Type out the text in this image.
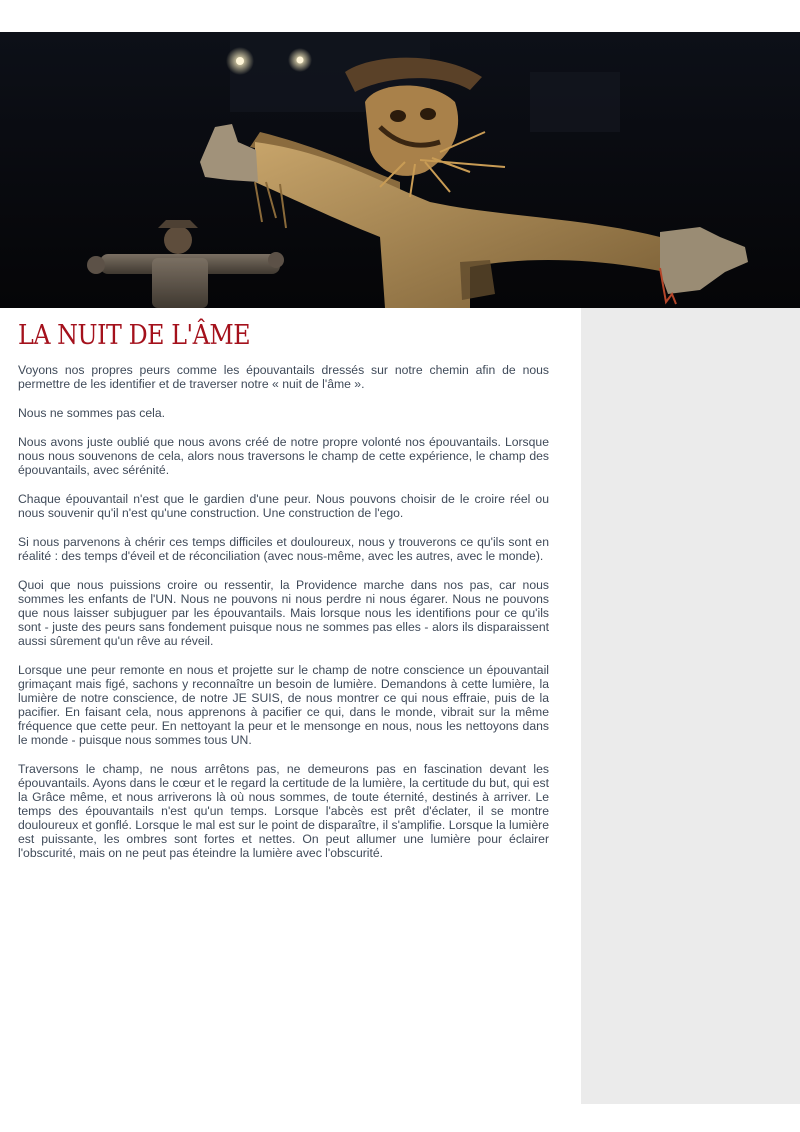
LA NUIT DE L'ÂME

Voyons nos propres peurs comme les épouvantails dressés sur notre chemin afin de nous permettre de les identifier et de traverser notre « nuit de l'âme ».

Nous ne sommes pas cela.

Nous avons juste oublié que nous avons créé de notre propre volonté nos épouvantails. Lorsque nous nous souvenons de cela, alors nous traversons le champ de cette expérience, le champ des épouvantails, avec sérénité.

Chaque épouvantail n'est que le gardien d'une peur. Nous pouvons choisir de le croire réel ou nous souvenir qu'il n'est qu'une construction. Une construction de l'ego.

Si nous parvenons à chérir ces temps difficiles et douloureux, nous y trouverons ce qu'ils sont en réalité : des temps d'éveil et de réconciliation (avec nous-même, avec les autres, avec le monde).

Quoi que nous puissions croire ou ressentir, la Providence marche dans nos pas, car nous sommes les enfants de l'UN. Nous ne pouvons ni nous perdre ni nous égarer. Nous ne pouvons que nous laisser subjuguer par les épouvantails. Mais lorsque nous les identifions pour ce qu'ils sont - juste des peurs sans fondement puisque nous ne sommes pas elles - alors ils disparaissent aussi sûrement qu'un rêve au réveil.

Lorsque une peur remonte en nous et projette sur le champ de notre conscience un épouvantail grimaçant mais figé, sachons y reconnaître un besoin de lumière. Demandons à cette lumière, la lumière de notre conscience, de notre JE SUIS, de nous montrer ce qui nous effraie, puis de la pacifier. En faisant cela, nous apprenons à pacifier ce qui, dans le monde, vibrait sur la même fréquence que cette peur. En nettoyant la peur et le mensonge en nous, nous les nettoyons dans le monde - puisque nous sommes tous UN.

Traversons le champ, ne nous arrêtons pas, ne demeurons pas en fascination devant les épouvantails. Ayons dans le cœur et le regard la certitude de la lumière, la certitude du but, qui est la Grâce même, et nous arriverons là où nous sommes, de toute éternité, destinés à arriver. Le temps des épouvantails n'est qu'un temps. Lorsque l'abcès est prêt d'éclater, il se montre douloureux et gonflé. Lorsque le mal est sur le point de disparaître, il s'amplifie. Lorsque la lumière est puissante, les ombres sont fortes et nettes. On peut allumer une lumière pour éclairer l'obscurité, mais on ne peut pas éteindre la lumière avec l'obscurité.
